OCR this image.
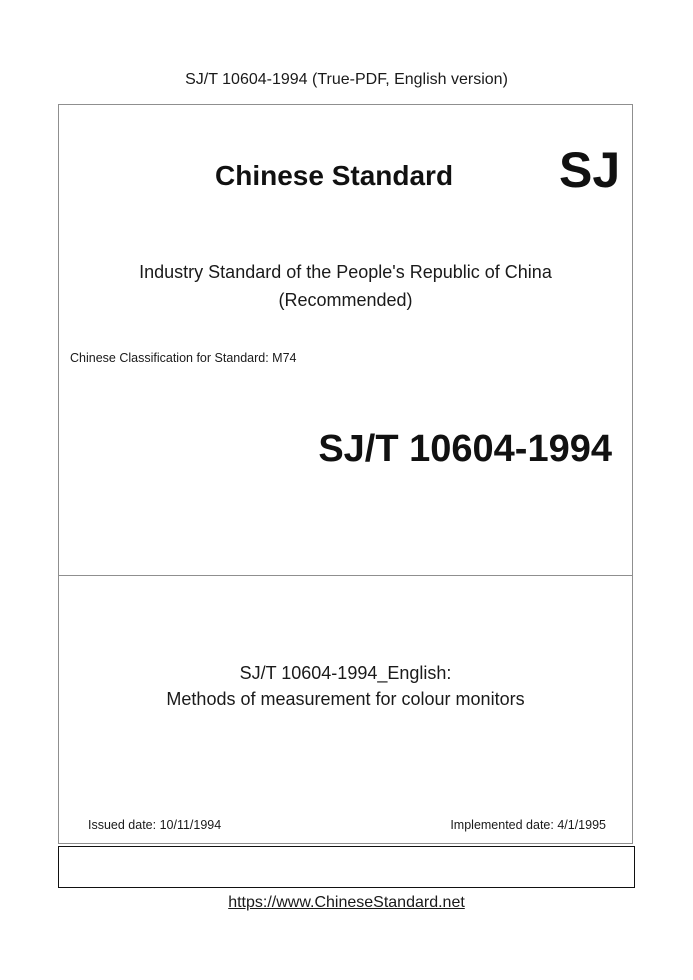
SJ/T 10604-1994 (True-PDF, English version)
Chinese Standard SJ
Industry Standard of the People's Republic of China
(Recommended)
Chinese Classification for Standard: M74
SJ/T 10604-1994
SJ/T 10604-1994_English:
Methods of measurement for colour monitors
Issued date: 10/11/1994	Implemented date: 4/1/1995
https://www.ChineseStandard.net
